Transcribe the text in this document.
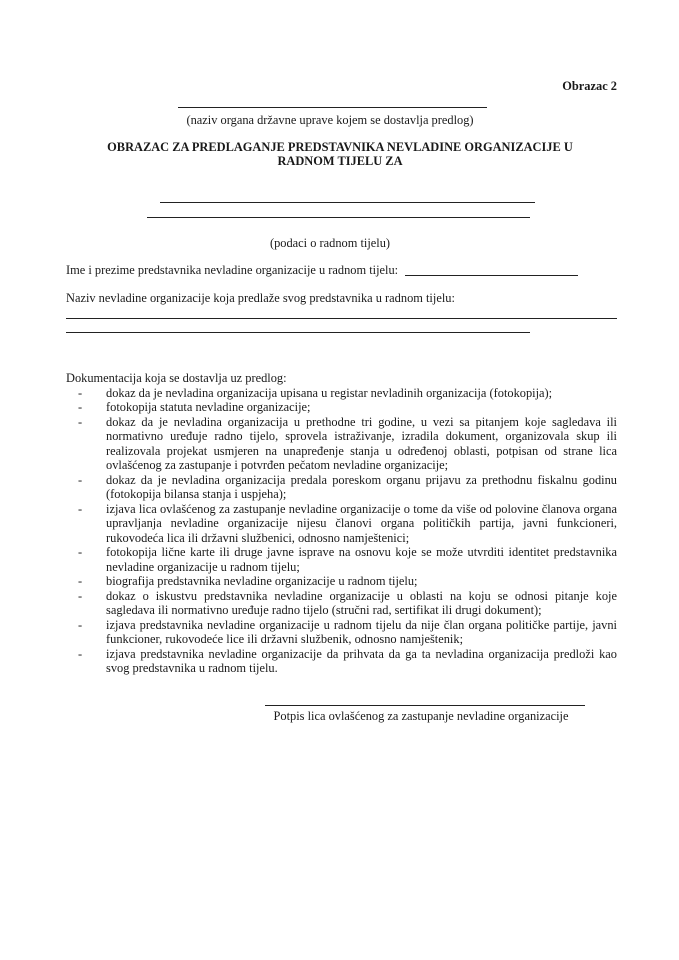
Obrazac 2
(naziv organa državne uprave kojem se dostavlja predlog)
OBRAZAC ZA PREDLAGANJE PREDSTAVNIKA NEVLADINE ORGANIZACIJE U
RADNOM TIJELU ZA
(podaci o radnom tijelu)
Ime i prezime predstavnika nevladine organizacije u radnom tijelu:
Naziv nevladine organizacije koja predlaže svog predstavnika u radnom tijelu:
Dokumentacija koja se dostavlja uz predlog:
- dokaz da je nevladina organizacija upisana u registar nevladinih organizacija (fotokopija);
- fotokopija statuta nevladine organizacije;
- dokaz da je nevladina organizacija u prethodne tri godine, u vezi sa pitanjem koje sagledava ili normativno uređuje radno tijelo, sprovela istraživanje, izradila dokument, organizovala skup ili realizovala projekat usmjeren na unapređenje stanja u određenoj oblasti, potpisan od strane lica ovlašćenog za zastupanje i potvrđen pečatom nevladine organizacije;
- dokaz da je nevladina organizacija predala poreskom organu prijavu za prethodnu fiskalnu godinu (fotokopija bilansa stanja i uspjeha);
- izjava lica ovlašćenog za zastupanje nevladine organizacije o tome da više od polovine članova organa upravljanja nevladine organizacije nijesu članovi organa političkih partija, javni funkcioneri, rukovodeća lica ili državni službenici, odnosno namještenici;
- fotokopija lične karte ili druge javne isprave na osnovu koje se može utvrditi identitet predstavnika nevladine organizacije u radnom tijelu;
- biografija predstavnika nevladine organizacije u radnom tijelu;
- dokaz o iskustvu predstavnika nevladine organizacije u oblasti na koju se odnosi pitanje koje sagledava ili normativno uređuje radno tijelo (stručni rad, sertifikat ili drugi dokument);
- izjava predstavnika nevladine organizacije u radnom tijelu da nije član organa političke partije, javni funkcioner, rukovodeće lice ili državni službenik, odnosno namještenik;
- izjava predstavnika nevladine organizacije da prihvata da ga ta nevladina organizacija predloži kao svog predstavnika u radnom tijelu.
Potpis lica ovlašćenog za zastupanje nevladine organizacije
